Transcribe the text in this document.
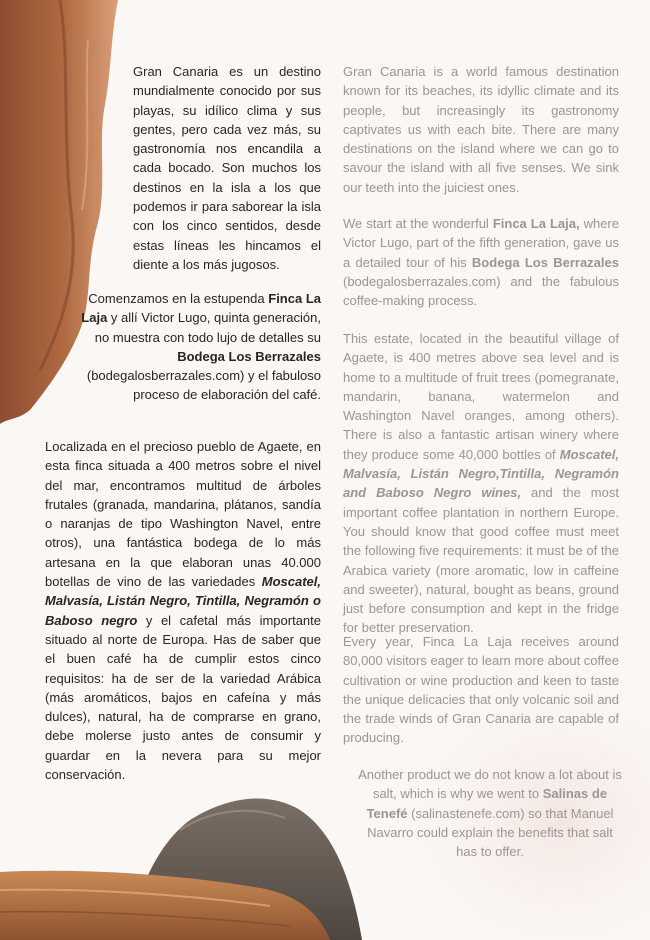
Gran Canaria es un destino mundialmente conocido por sus playas, su idílico clima y sus gentes, pero cada vez más, su gastronomía nos encandila a cada bocado. Son muchos los destinos en la isla a los que podemos ir para saborear la isla con los cinco sentidos, desde estas líneas les hincamos el diente a los más jugosos.

Comenzamos en la estupenda Finca La Laja y allí Victor Lugo, quinta generación, no muestra con todo lujo de detalles su Bodega Los Berrazales (bodegalosberrazales.com) y el fabuloso proceso de elaboración del café.

Localizada en el precioso pueblo de Agaete, en esta finca situada a 400 metros sobre el nivel del mar, encontramos multitud de árboles frutales (granada, mandarina, plátanos, sandía o naranjas de tipo Washington Navel, entre otros), una fantástica bodega de lo más artesana en la que elaboran unas 40.000 botellas de vino de las variedades Moscatel, Malvasía, Listán Negro, Tintilla, Negramón o Baboso negro y el cafetal más importante situado al norte de Europa. Has de saber que el buen café ha de cumplir estos cinco requisitos: ha de ser de la variedad Arábica (más aromáticos, bajos en cafeína y más dulces), natural, ha de comprarse en grano, debe molerse justo antes de consumir y guardar en la nevera para su mejor conservación.

Gran Canaria is a world famous destination known for its beaches, its idyllic climate and its people, but increasingly its gastronomy captivates us with each bite. There are many destinations on the island where we can go to savour the island with all five senses. We sink our teeth into the juiciest ones.

We start at the wonderful Finca La Laja, where Victor Lugo, part of the fifth generation, gave us a detailed tour of his Bodega Los Berrazales (bodegalosberrazales.com) and the fabulous coffee-making process.

This estate, located in the beautiful village of Agaete, is 400 metres above sea level and is home to a multitude of fruit trees (pomegranate, mandarin, banana, watermelon and Washington Navel oranges, among others). There is also a fantastic artisan winery where they produce some 40,000 bottles of Moscatel, Malvasía, Listán Negro,Tintilla, Negramón and Baboso Negro wines, and the most important coffee plantation in northern Europe. You should know that good coffee must meet the following five requirements: it must be of the Arabica variety (more aromatic, low in caffeine and sweeter), natural, bought as beans, ground just before consumption and kept in the fridge for better preservation.

Every year, Finca La Laja receives around 80,000 visitors eager to learn more about coffee cultivation or wine production and keen to taste the unique delicacies that only volcanic soil and the trade winds of Gran Canaria are capable of producing.

Another product we do not know a lot about is salt, which is why we went to Salinas de Tenefé (salinastenefe.com) so that Manuel Navarro could explain the benefits that salt has to offer.
